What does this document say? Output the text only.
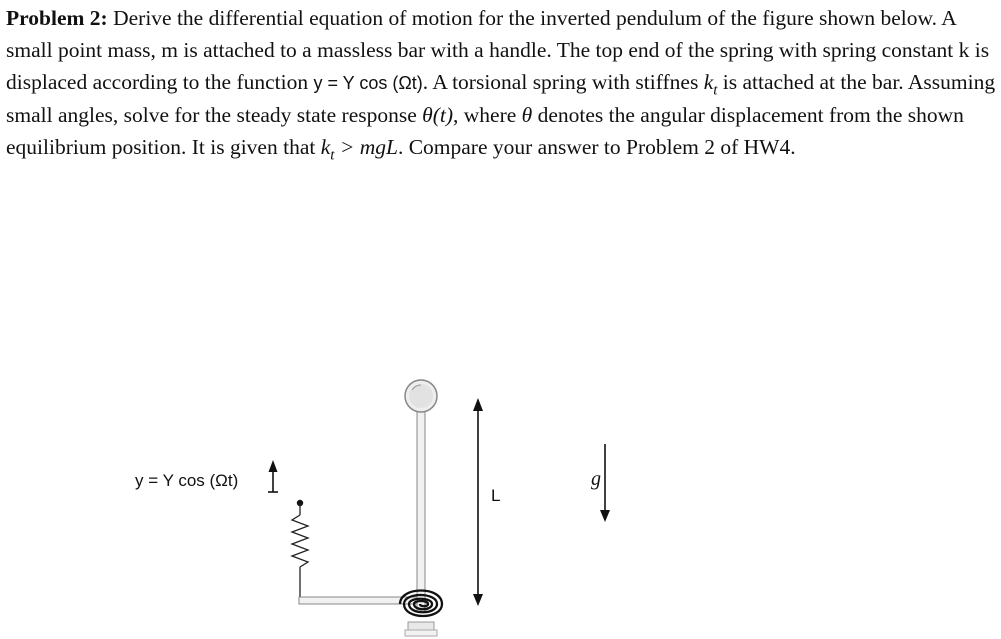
Problem 2: Derive the differential equation of motion for the inverted pendulum of the figure shown below. A small point mass, m is attached to a massless bar with a handle. The top end of the spring with spring constant k is displaced according to the function y = Y cos (Ωt). A torsional spring with stiffnes $k_t$ is attached at the bar. Assuming small angles, solve for the steady state response θ(t), where θ denotes the angular displacement from the shown equilibrium position. It is given that $k_t$ > mgL. Compare your answer to Problem 2 of HW4.

y = Y cos (Ωt)

L

g
